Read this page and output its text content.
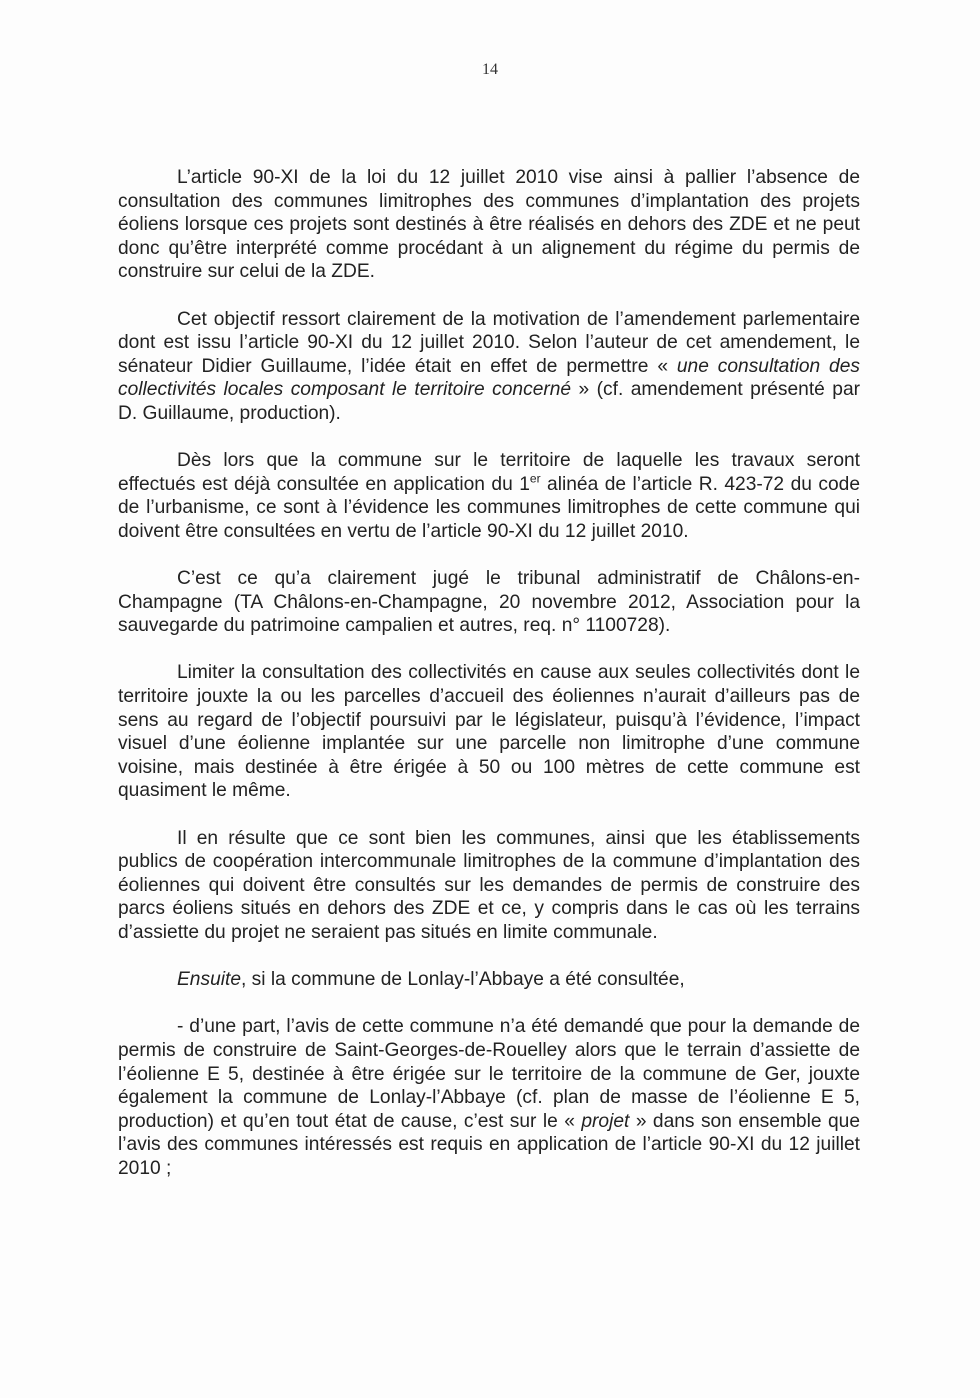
14

L’article 90-XI de la loi du 12 juillet 2010 vise ainsi à pallier l’absence de consultation des communes limitrophes des communes d’implantation des projets éoliens lorsque ces projets sont destinés à être réalisés en dehors des ZDE et ne peut donc qu’être interprété comme procédant à un alignement du régime du permis de construire sur celui de la ZDE.

Cet objectif ressort clairement de la motivation de l’amendement parlementaire dont est issu l’article 90-XI du 12 juillet 2010. Selon l’auteur de cet amendement, le sénateur Didier Guillaume, l’idée était en effet de permettre « une consultation des collectivités locales composant le territoire concerné » (cf. amendement présenté par D. Guillaume, production).

Dès lors que la commune sur le territoire de laquelle les travaux seront effectués est déjà consultée en application du 1er alinéa de l’article R. 423-72 du code de l’urbanisme, ce sont à l’évidence les communes limitrophes de cette commune qui doivent être consultées en vertu de l’article 90-XI du 12 juillet 2010.

C’est ce qu’a clairement jugé le tribunal administratif de Châlons-en-Champagne (TA Châlons-en-Champagne, 20 novembre 2012, Association pour la sauvegarde du patrimoine campalien et autres, req. n° 1100728).

Limiter la consultation des collectivités en cause aux seules collectivités dont le territoire jouxte la ou les parcelles d’accueil des éoliennes n’aurait d’ailleurs pas de sens au regard de l’objectif poursuivi par le législateur, puisqu’à l’évidence, l’impact visuel d’une éolienne implantée sur une parcelle non limitrophe d’une commune voisine, mais destinée à être érigée à 50 ou 100 mètres de cette commune est quasiment le même.

Il en résulte que ce sont bien les communes, ainsi que les établissements publics de coopération intercommunale limitrophes de la commune d’implantation des éoliennes qui doivent être consultés sur les demandes de permis de construire des parcs éoliens situés en dehors des ZDE et ce, y compris dans le cas où les terrains d’assiette du projet ne seraient pas situés en limite communale.

Ensuite, si la commune de Lonlay-l’Abbaye a été consultée,

- d’une part, l’avis de cette commune n’a été demandé que pour la demande de permis de construire de Saint-Georges-de-Rouelley alors que le terrain d’assiette de l’éolienne E 5, destinée à être érigée sur le territoire de la commune de Ger, jouxte également la commune de Lonlay-l’Abbaye (cf. plan de masse de l’éolienne E 5, production) et qu’en tout état de cause, c’est sur le « projet » dans son ensemble que l’avis des communes intéressés est requis en application de l’article 90-XI du 12 juillet 2010 ;
